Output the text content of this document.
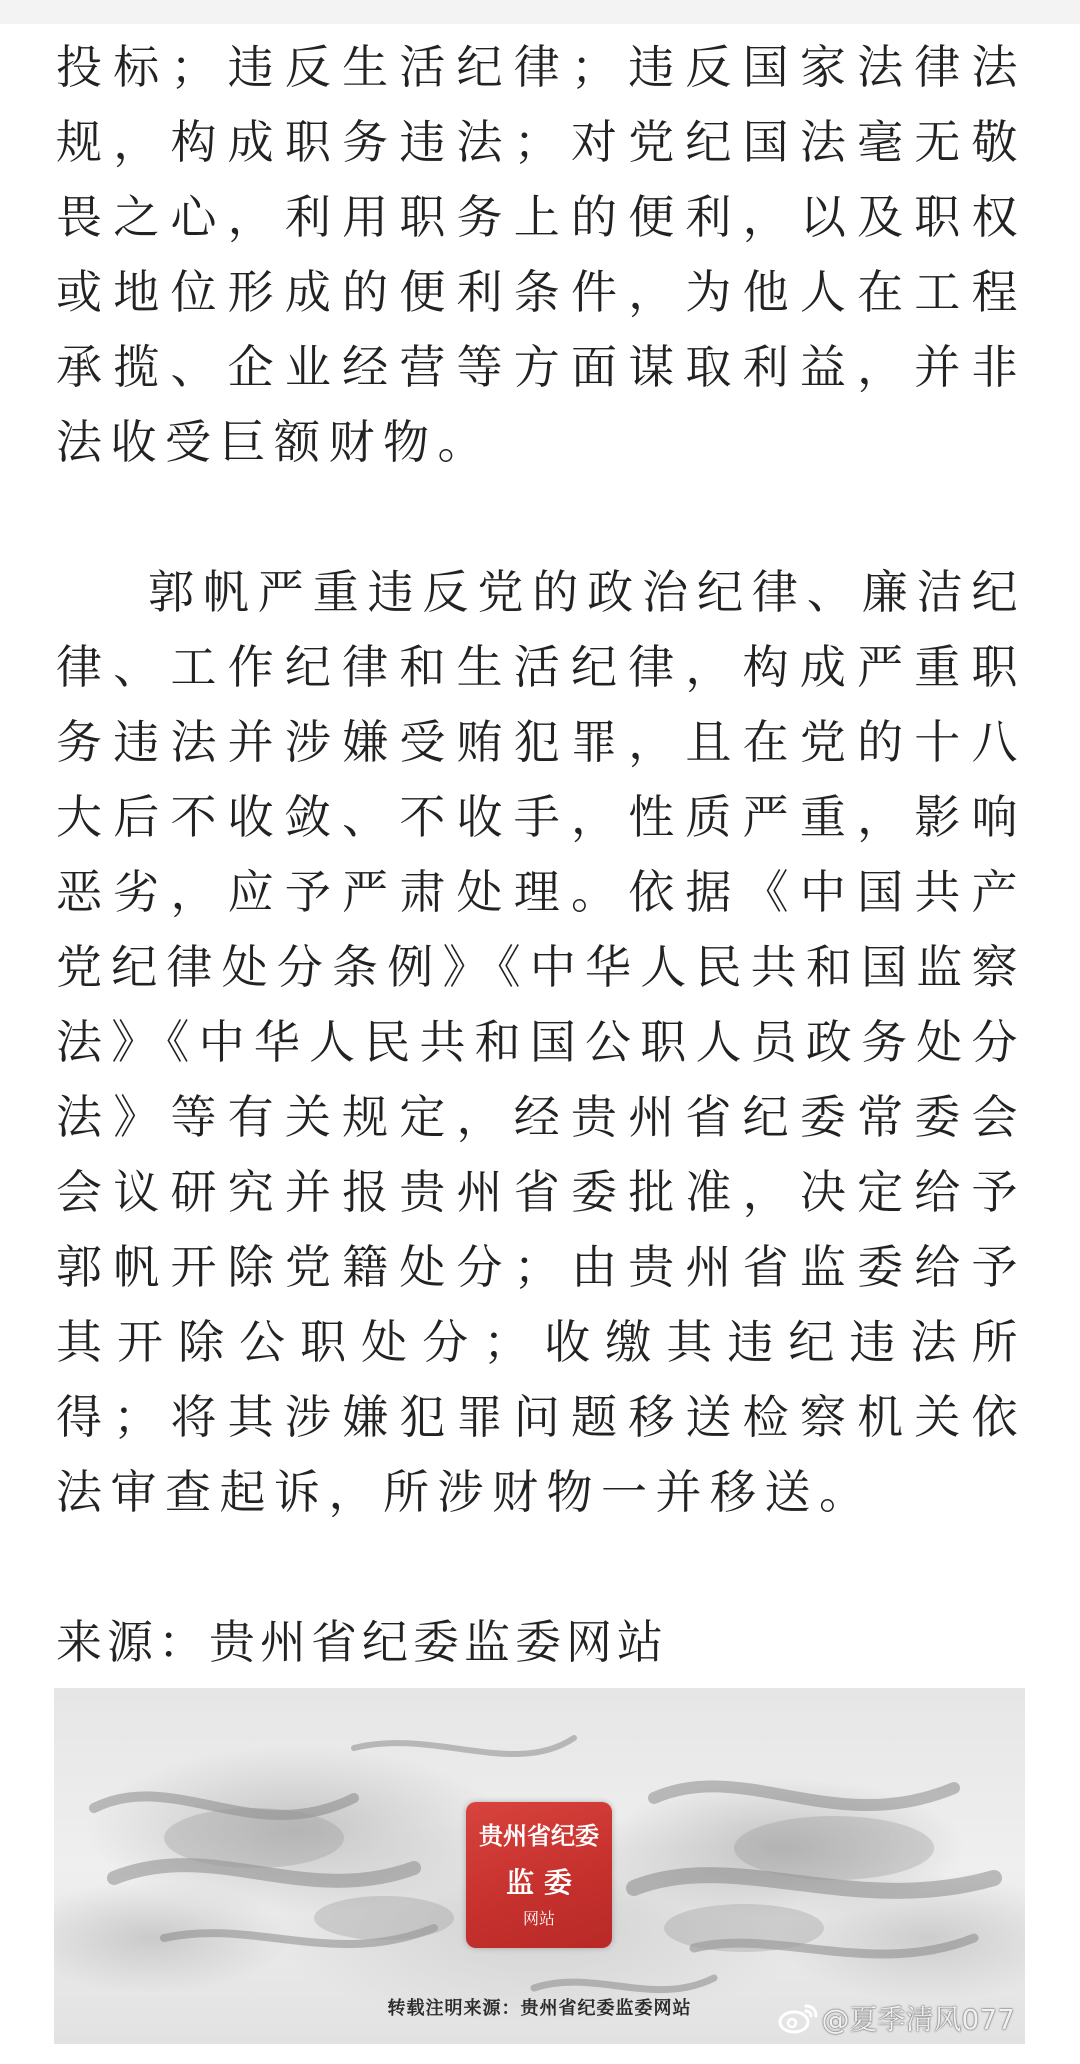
投标；违反生活纪律；违反国家法律法规，构成职务违法；对党纪国法毫无敬畏之心，利用职务上的便利，以及职权或地位形成的便利条件，为他人在工程承揽、企业经营等方面谋取利益，并非法收受巨额财物。

郭帆严重违反党的政治纪律、廉洁纪律、工作纪律和生活纪律，构成严重职务违法并涉嫌受贿犯罪，且在党的十八大后不收敛、不收手，性质严重，影响恶劣，应予严肃处理。依据《中国共产党纪律处分条例》《中华人民共和国监察法》《中华人民共和国公职人员政务处分法》等有关规定，经贵州省纪委常委会会议研究并报贵州省委批准，决定给予郭帆开除党籍处分；由贵州省监委给予其开除公职处分；收缴其违纪违法所得；将其涉嫌犯罪问题移送检察机关依法审查起诉，所涉财物一并移送。

来源：贵州省纪委监委网站

贵州省纪委
监 委
网站
转载注明来源：贵州省纪委监委网站	@夏季清风077
